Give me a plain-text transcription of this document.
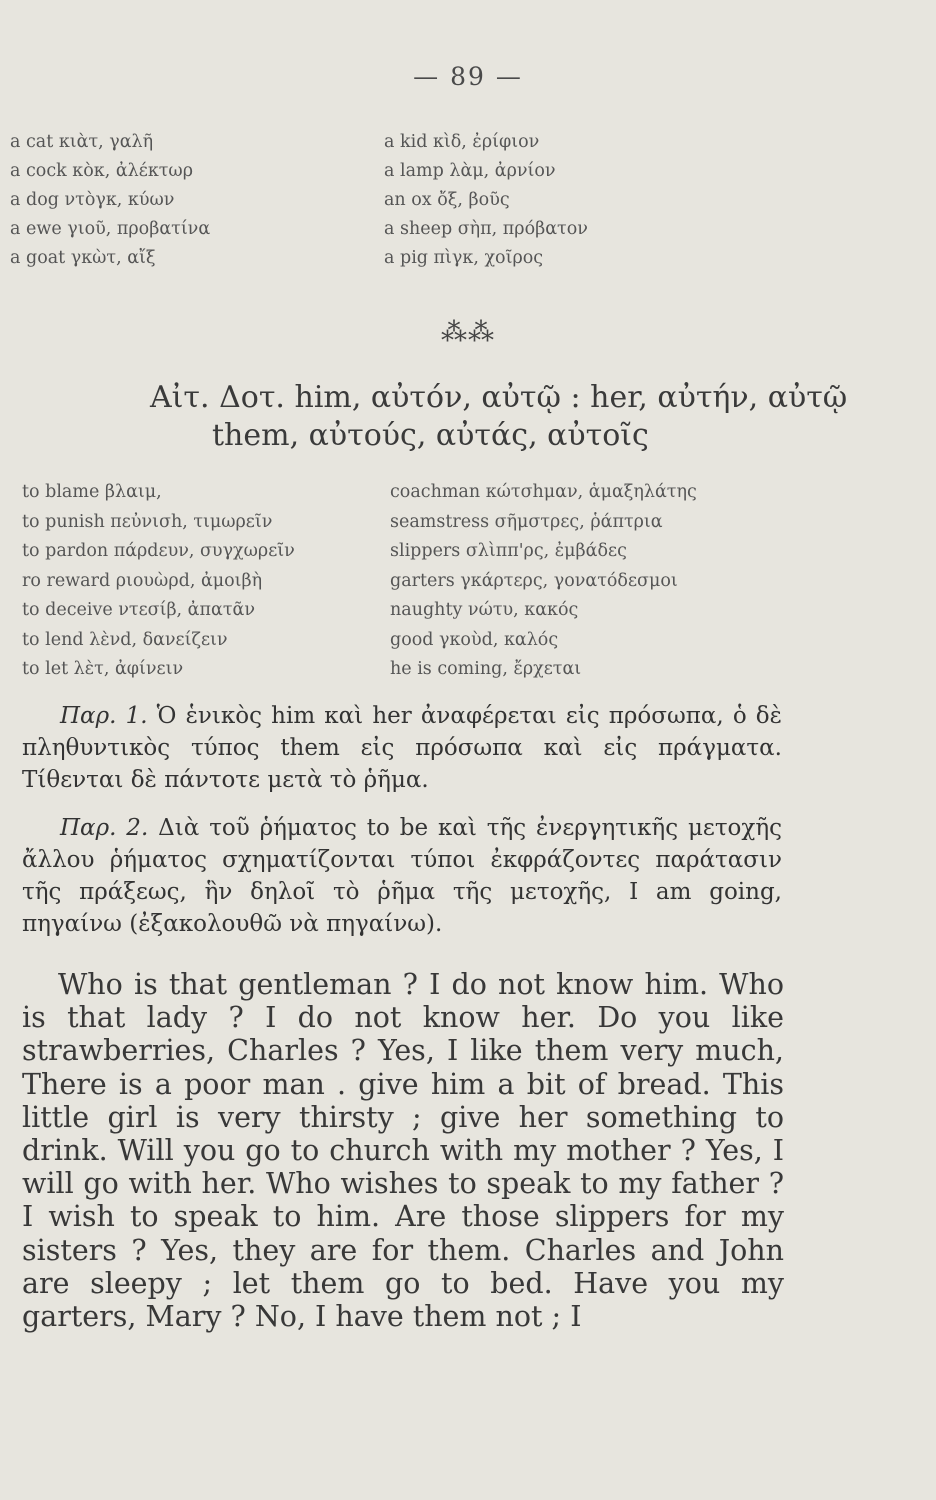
— 89 —
a cat κιὰτ, γαλῆ
a cock κὸκ, ἀλέκτωρ
a dog ντὸγκ, κύων
a ewe γιοῦ, προβατίνα
a goat γκὼτ, αἴξ
a kid κὶδ, ἐρίφιον
a lamp λὰμ, ἀρνίον
an ox ὄξ, βοῦς
a sheep σὴπ, πρόβατον
a pig πὶγκ, χοῖρος
⁂⁂
Αἰτ. Δοτ. him, αὐτόν, αὐτῷ : her, αὐτήν, αὐτῷ
them, αὐτούς, αὐτάς, αὐτοῖς
to blame βλαιμ,
to punish πεὐνισh, τιμωρεῖν
to pardon πάρdευν, συγχωρεῖν
ro reward ριουὼρd, ἀμοιβὴ
to deceive ντεσίβ, ἀπατᾶν
to lend λὲνd, δανείζειν
to let λὲτ, ἀφίνειν
coachman κώτσhμαν, ἁμαξηλάτης
seamstress σῆμστρες, ῥάπτρια
slippers σλὶππ'ρς, ἐμβάδες
garters γκάρτερς, γονατόδεσμοι
naughty νώτυ, κακός
good γκοὺd, καλός
he is coming, ἔρχεται
Παρ. 1. Ὁ ἑνικὸς him καὶ her ἀναφέρεται εἰς πρόσωπα, ὁ δὲ πληθυντικὸς τύπος them εἰς πρόσωπα καὶ εἰς πράγματα. Τίθενται δὲ πάντοτε μετὰ τὸ ῥῆμα.
Παρ. 2. Διὰ τοῦ ῥήματος to be καὶ τῆς ἐνεργητικῆς μετοχῆς ἄλλου ῥήματος σχηματίζονται τύποι ἐκφράζοντες παράτασιν τῆς πράξεως, ἣν δηλοῖ τὸ ῥῆμα τῆς μετοχῆς, I am going, πηγαίνω (ἐξακολουθῶ νὰ πηγαίνω).
Who is that gentleman ? I do not know him. Who is that lady ? I do not know her. Do you like strawberries, Charles ? Yes, I like them very much, There is a poor man . give him a bit of bread. This little girl is very thirsty ; give her something to drink. Will you go to church with my mother ? Yes, I will go with her. Who wishes to speak to my father ? I wish to speak to him. Are those slippers for my sisters ? Yes, they are for them. Charles and John are sleepy ; let them go to bed. Have you my garters, Mary ? No, I have them not ; I
